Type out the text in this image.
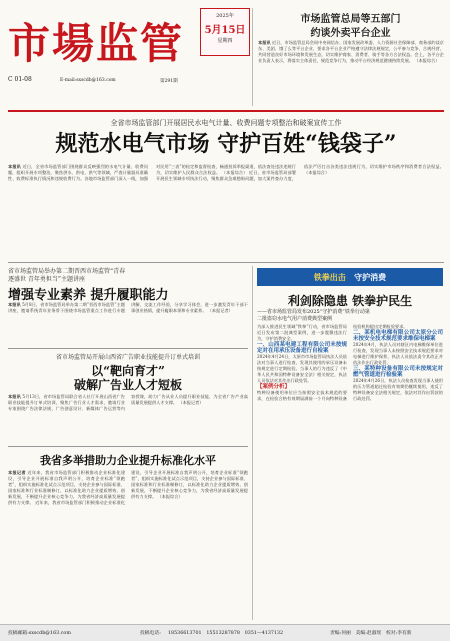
市場监管
C 01-08	E-mail:sxscdb@163.com	第291期
2025年
5月15日
星期四
市场监管总局等五部门
约谈外卖平台企业
本报讯 近日，市场监管总局会同中央网信办、国家发展改革委、人力资源社会保障部、商务部约谈京东、美团、饿了么等平台企业，要求各平台企业严格遵守法律法规规定，公平参与竞争，合规经营，共同营造良好市场环境和发展生态，切实维护商家、消费者、骑手等各方合法权益。会上，各平台企业负责人表示，将落实主体责任，规范竞争行为，推动平台经济规范健康持续发展。 （本报综合）
全省市场监管部门开展居民水电气计量、收费问题专项整治和破案宣传工作
规范水电气市场 守护百姓“钱袋子”
本报讯 近日，全省市场监管部门围绕群众反映强烈的水电气计量、收费问题，组织开展专项整治，聚焦供水、供电、供气等领域，严查计量器具准确性、收费标准执行情况和违规收费行为。各地市场监管部门深入一线，加强对民用“三表”的检定和监督检查，畅通投诉举报渠道，依法查处违法违规行为，切实维护人民群众合法权益。 （本报综合） 近日，省市场监管局部署开展民生领域专项执法行动，聚焦群众急难愁盼问题，加大案件查办力度，依法严厉打击各类违法违规行为，切实维护市场秩序和消费者合法权益。 （本报综合）
省市场监管局举办第二期晋西市场监管“青春
逐盛世 青年勇担当”主题讲座
增强专业素养 提升履职能力
本报讯 5月8日，省市场监管局举办第二期“晋西市场监管”主题讲座，邀请系统青年业务骨干围绕市场监管重点工作进行专题讲解，交流工作经验，分享学习体会，进一步激发青年干部干事创业热情，提升履职本领和专业素养。 （本报记者）
省市场监管局开展山西省广告职业技能提升订单式培训
以“靶向育才”
破解广告业人才短板
本报讯 5月13日，省市场监管局联合省人社厅开展山西省广告职业技能提升订单式培训，聚焦广告行业人才需求，邀请行业专家围绕广告法律法规、广告创意设计、新媒体广告运营等内容授课，助力广告从业人员提升职业技能，为全省广告产业高质量发展提供人才支撑。 （本报记者）
我省多举措助力企业提升标准化水平
本报记者 近年来，我省市场监管部门积极推动企业标准化建设，引导企业开展标准自我声明公开，培育企业标准“领跑者”，组织实施标准化试点示范项目，支持企业参与国际标准、国家标准和行业标准制修订，以标准化助力企业提质增效、创新发展，不断提升企业核心竞争力，为我省经济高质量发展提供有力支撑。 近年来，我省市场监管部门积极推动企业标准化建设，引导企业开展标准自我声明公开，培育企业标准“领跑者”，组织实施标准化试点示范项目，支持企业参与国际标准、国家标准和行业标准制修订，以标准化助力企业提质增效、创新发展，不断提升企业核心竞争力，为我省经济高质量发展提供有力支撑。 （本报综合）
铁拳出击 守护消费
利剑除隐患 铁拳护民生
——省市场监管局发布2025“守护消费”铁拳行动第
二批盗窃水电气用户消费典型案例
为深入推进民生领域“铁拳”行动，省市场监管局近日发布第二批典型案例，进一步震慑违法行为，守护消费安全。
一、山西某电建工程有限公司未按规定对在用承压设备进行自检案
2024年4月24日，太原市市场监管局执法人员依法对当事人进行检查，发现其使用的承压设备未按规定进行定期检验。当事人的行为违反了《中华人民共和国特种设备安全法》相关规定，执法人员依法对其作出行政处罚。
【案例分析】
特种设备使用单位应当按照安全技术规范的要求，在检验合格有效期届满前一个月向特种设备检验机构提出定期检验要求。
二、某机电电梯有限公司太原分公司未按安全技术规范要求维保电梯案
2024年4月，执法人员对辖区内电梯维保单位进行检查，发现当事人未按照安全技术规范要求对电梯进行维护保养，执法人员依法责令其改正并依法作出行政处罚。
三、某特种设备有限公司未按规定对燃气管道进行检验案
2024年4月26日，执法人员检查发现当事人使用的压力管道超过检验有效期仍继续使用，违反了特种设备安全法相关规定，依法对其作出罚款的行政处罚。
投稿邮箱:sxscdb@163.com	投稿电话: 18536613701　15513287878　0351—4137132	责编:何丽　美编:赵淑瑶　校对:李有新
